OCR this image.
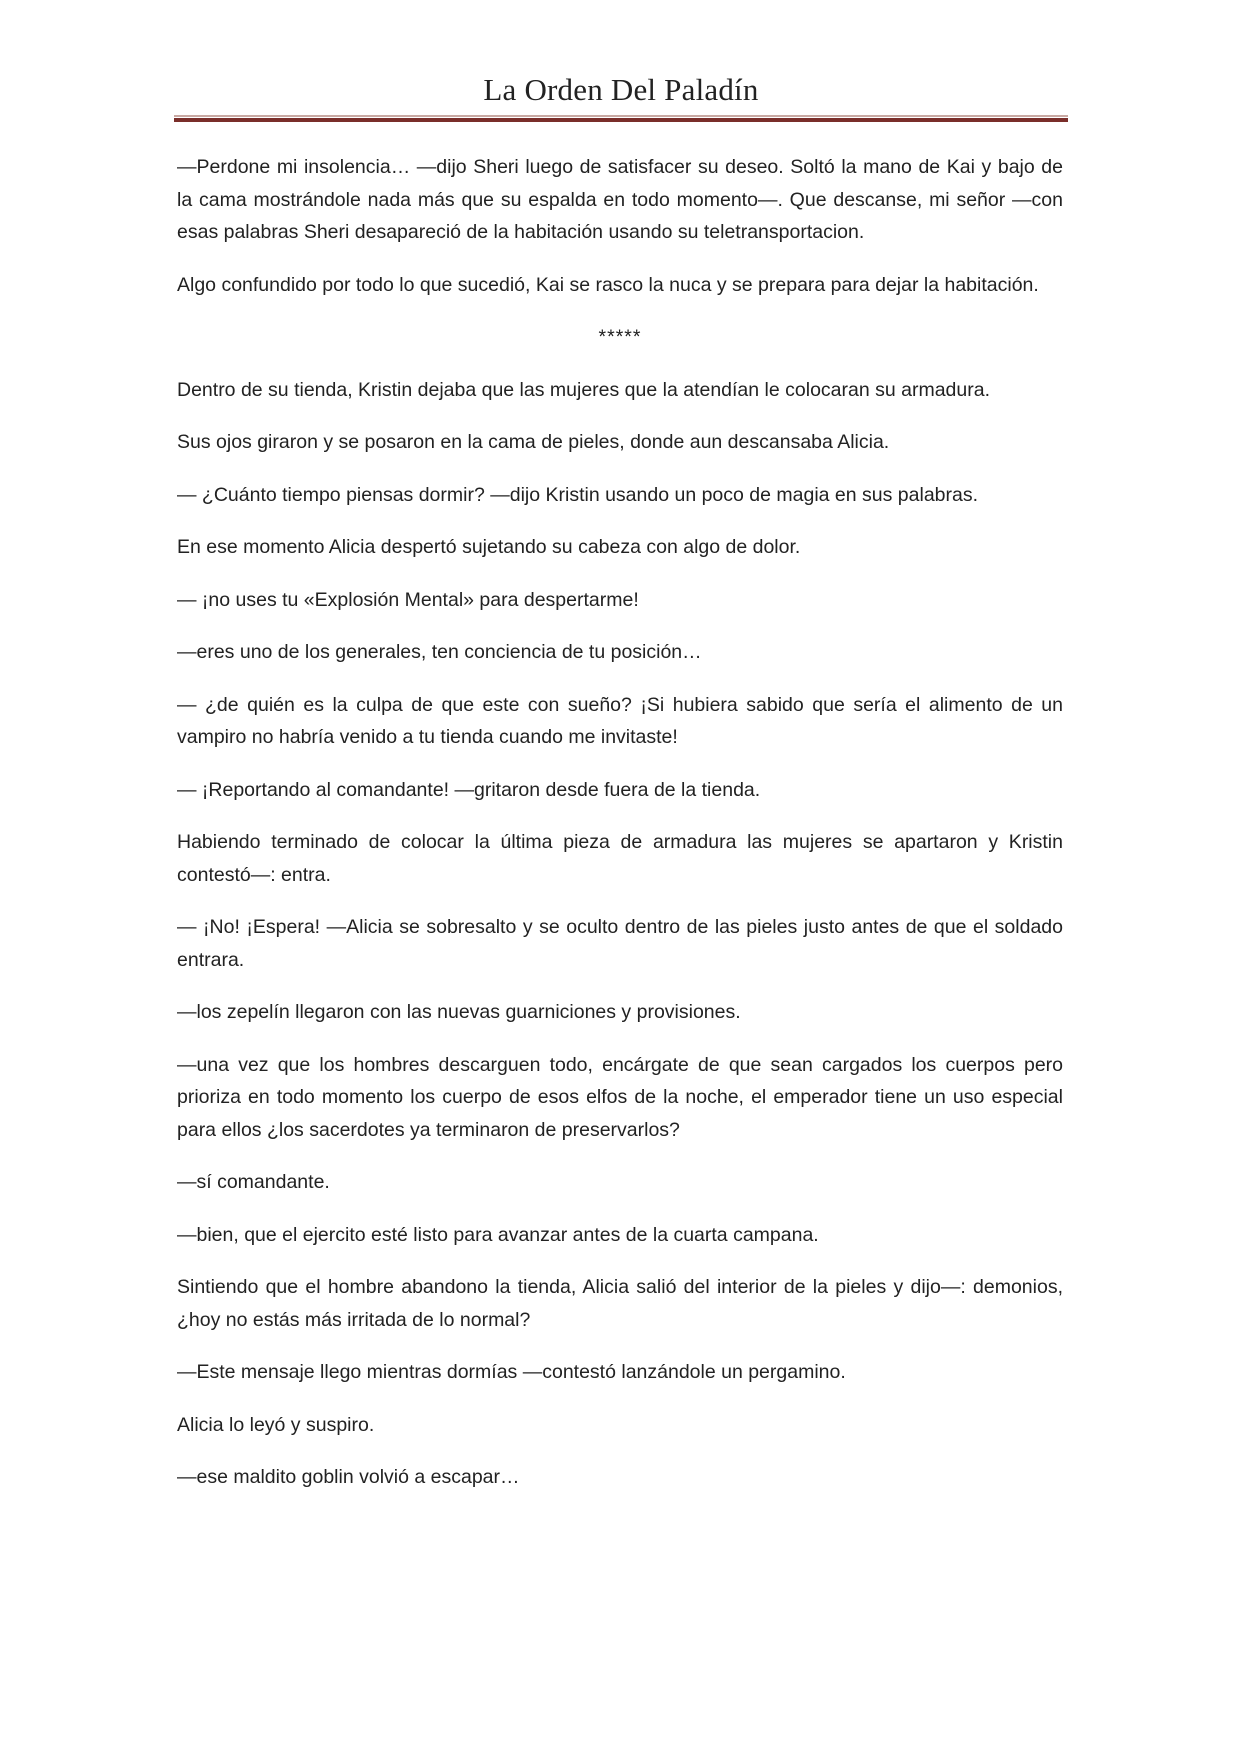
La Orden Del Paladín

—Perdone mi insolencia… —dijo Sheri luego de satisfacer su deseo. Soltó la mano de Kai y bajo de la cama mostrándole nada más que su espalda en todo momento—. Que descanse, mi señor —con esas palabras Sheri desapareció de la habitación usando su teletransportacion.

Algo confundido por todo lo que sucedió, Kai se rasco la nuca y se prepara para dejar la habitación.

*****

Dentro de su tienda, Kristin dejaba que las mujeres que la atendían le colocaran su armadura.

Sus ojos giraron y se posaron en la cama de pieles, donde aun descansaba Alicia.

— ¿Cuánto tiempo piensas dormir? —dijo Kristin usando un poco de magia en sus palabras.

En ese momento Alicia despertó sujetando su cabeza con algo de dolor.

— ¡no uses tu «Explosión Mental» para despertarme!

—eres uno de los generales, ten conciencia de tu posición…

— ¿de quién es la culpa de que este con sueño? ¡Si hubiera sabido que sería el alimento de un vampiro no habría venido a tu tienda cuando me invitaste!

— ¡Reportando al comandante! —gritaron desde fuera de la tienda.

Habiendo terminado de colocar la última pieza de armadura las mujeres se apartaron y Kristin contestó—: entra.

— ¡No! ¡Espera! —Alicia se sobresalto y se oculto dentro de las pieles justo antes de que el soldado entrara.

—los zepelín llegaron con las nuevas guarniciones y provisiones.

—una vez que los hombres descarguen todo, encárgate de que sean cargados los cuerpos pero prioriza en todo momento los cuerpo de esos elfos de la noche, el emperador tiene un uso especial para ellos ¿los sacerdotes ya terminaron de preservarlos?

—sí comandante.

—bien, que el ejercito esté listo para avanzar antes de la cuarta campana.

Sintiendo que el hombre abandono la tienda, Alicia salió del interior de la pieles y dijo—: demonios, ¿hoy no estás más irritada de lo normal?

—Este mensaje llego mientras dormías —contestó lanzándole un pergamino.

Alicia lo leyó y suspiro.

—ese maldito goblin volvió a escapar…
